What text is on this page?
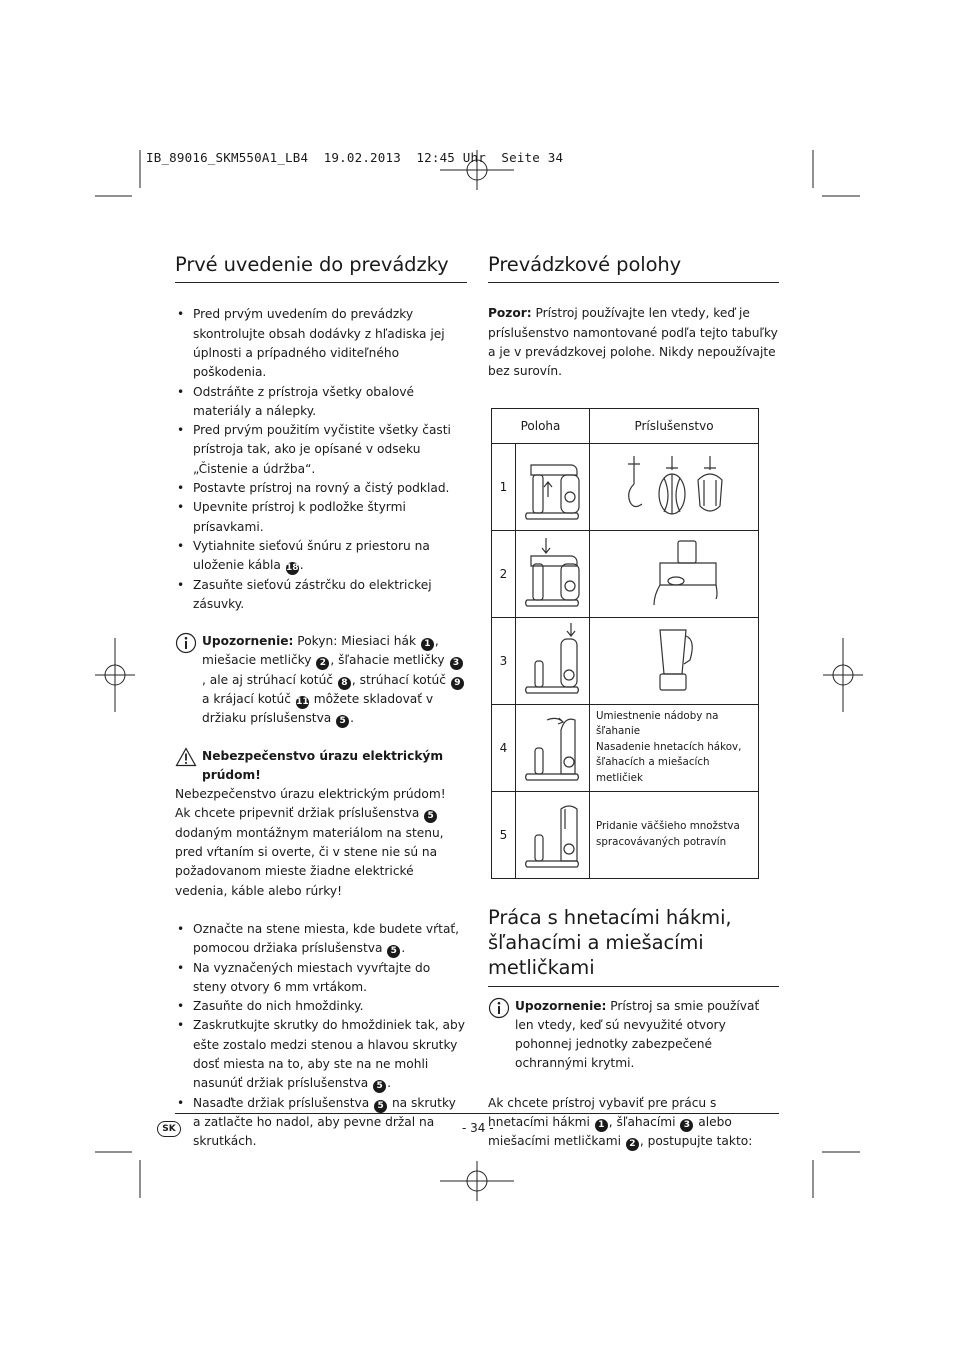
IB_89016_SKM550A1_LB4  19.02.2013  12:45 Uhr  Seite 34
Prvé uvedenie do prevádzky
• Pred prvým uvedením do prevádzky skontrolujte obsah dodávky z hľadiska jej úplnosti a prípadného viditeľného poškodenia.
• Odstráňte z prístroja všetky obalové materiály a nálepky.
• Pred prvým použitím vyčistite všetky časti prístroja tak, ako je opísané v odseku „Čistenie a údržba“.
• Postavte prístroj na rovný a čistý podklad.
• Upevnite prístroj k podložke štyrmi prísavkami.
• Vytiahnite sieťovú šnúru z priestoru na uloženie kábla 18.
• Zasuňte sieťovú zástrčku do elektrickej zásuvky.

Upozornenie: Pokyn: Miesiaci hák 1 , miešacie metličky 2 , šľahacie metličky 3, ale aj strúhací kotúč 8 , strúhací kotúč 9 a krájací kotúč 11 môžete skladovať v držiaku príslušenstva 5 .

Nebezpečenstvo úrazu elektrickým prúdom!

Nebezpečenstvo úrazu elektrickým prúdom!

Ak chcete pripevniť držiak príslušenstva 5 dodaným montážnym materiálom na stenu, pred vŕtaním si overte, či v stene nie sú na požadovanom mieste žiadne elektrické vedenia, káble alebo rúrky!

• Označte na stene miesta, kde budete vŕtať, pomocou držiaka príslušenstva 5 .
• Na vyznačených miestach vyvŕtajte do steny otvory 6 mm vrtákom.
• Zasuňte do nich hmoždinky.
• Zaskrutkujte skrutky do hmoždiniek tak, aby ešte zostalo medzi stenou a hlavou skrutky dosť miesta na to, aby ste na ne mohli nasunúť držiak príslušenstva 5 .
• Nasaďte držiak príslušenstva 5 na skrutky a zatlačte ho nadol, aby pevne držal na skrutkách.
Prevádzkové polohy

Pozor: Prístroj používajte len vtedy, keď je príslušenstvo namontované podľa tejto tabuľky a je v prevádzkovej polohe. Nikdy nepoužívajte bez surovín.

Poloha		Príslušenstvo
1		
2		
3		
4		Umiestnenie nádoby na šľahanie
Nasadenie hnetacích hákov, šľahacích a miešacích metličiek
5		Pridanie väčšieho množstva spracovávaných potravín
Práca s hnetacími hákmi, šľahacími a miešacími metličkami

Upozornenie: Prístroj sa smie používať len vtedy, keď sú nevyužité otvory pohonnej jednotky zabezpečené ochrannými krytmi.

Ak chcete prístroj vybaviť pre prácu s hnetacími hákmi 1 , šľahacími 3 alebo miešacími metličkami 2 , postupujte takto:

SK	- 34 -
